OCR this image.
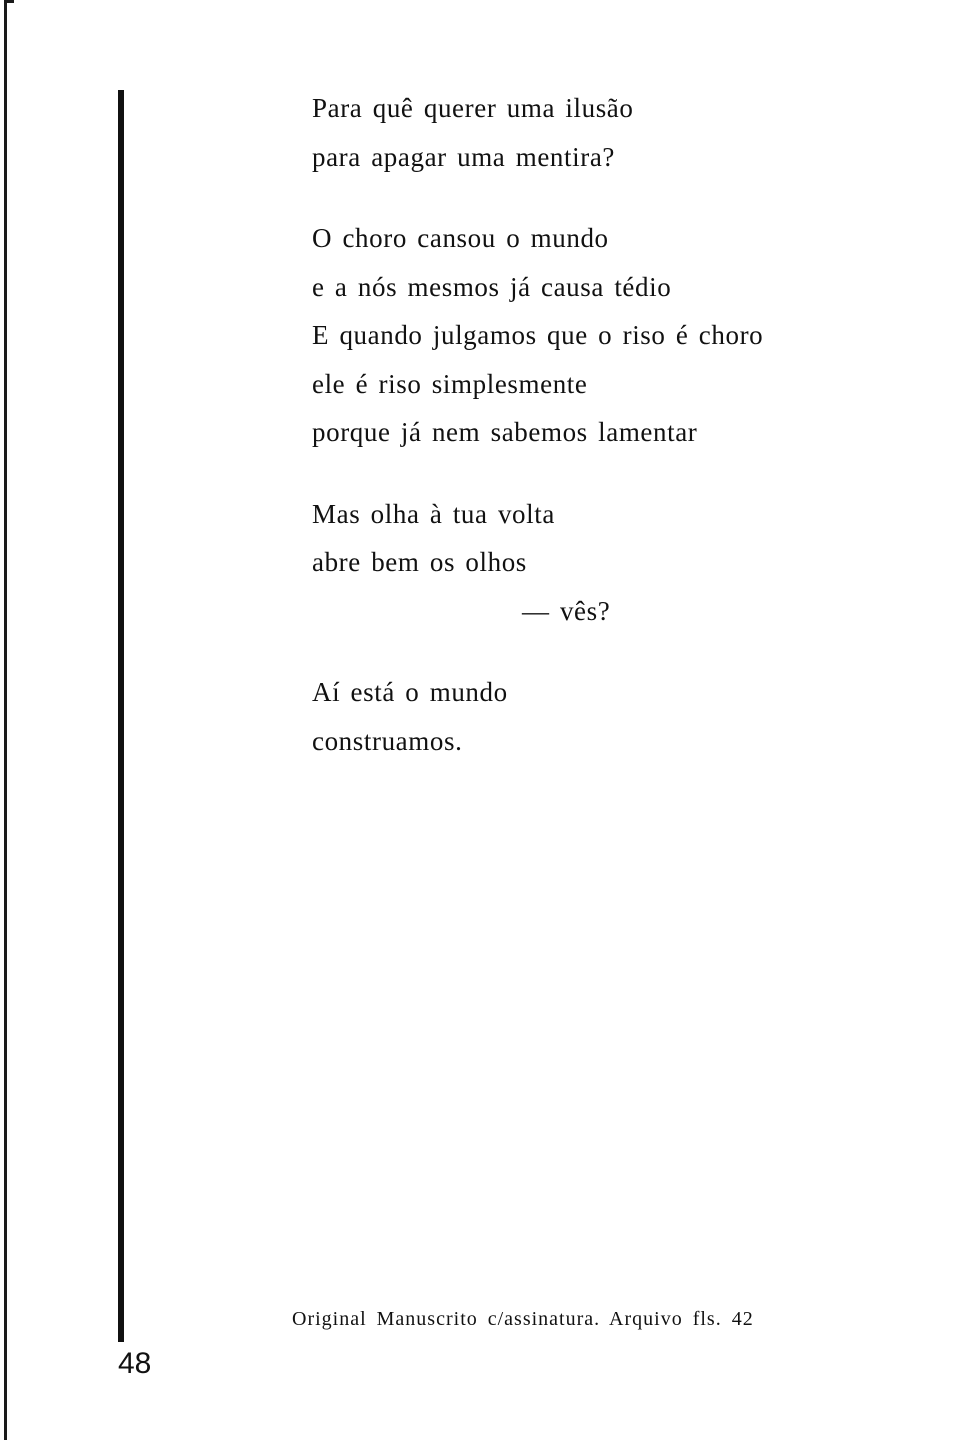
Para quê querer uma ilusão
para apagar uma mentira?
O choro cansou o mundo
e a nós mesmos já causa tédio
E quando julgamos que o riso é choro
ele é riso simplesmente
porque já nem sabemos lamentar
Mas olha à tua volta
abre bem os olhos
— vês?
Aí está o mundo
construamos.
Original Manuscrito c/assinatura. Arquivo fls. 42
48
